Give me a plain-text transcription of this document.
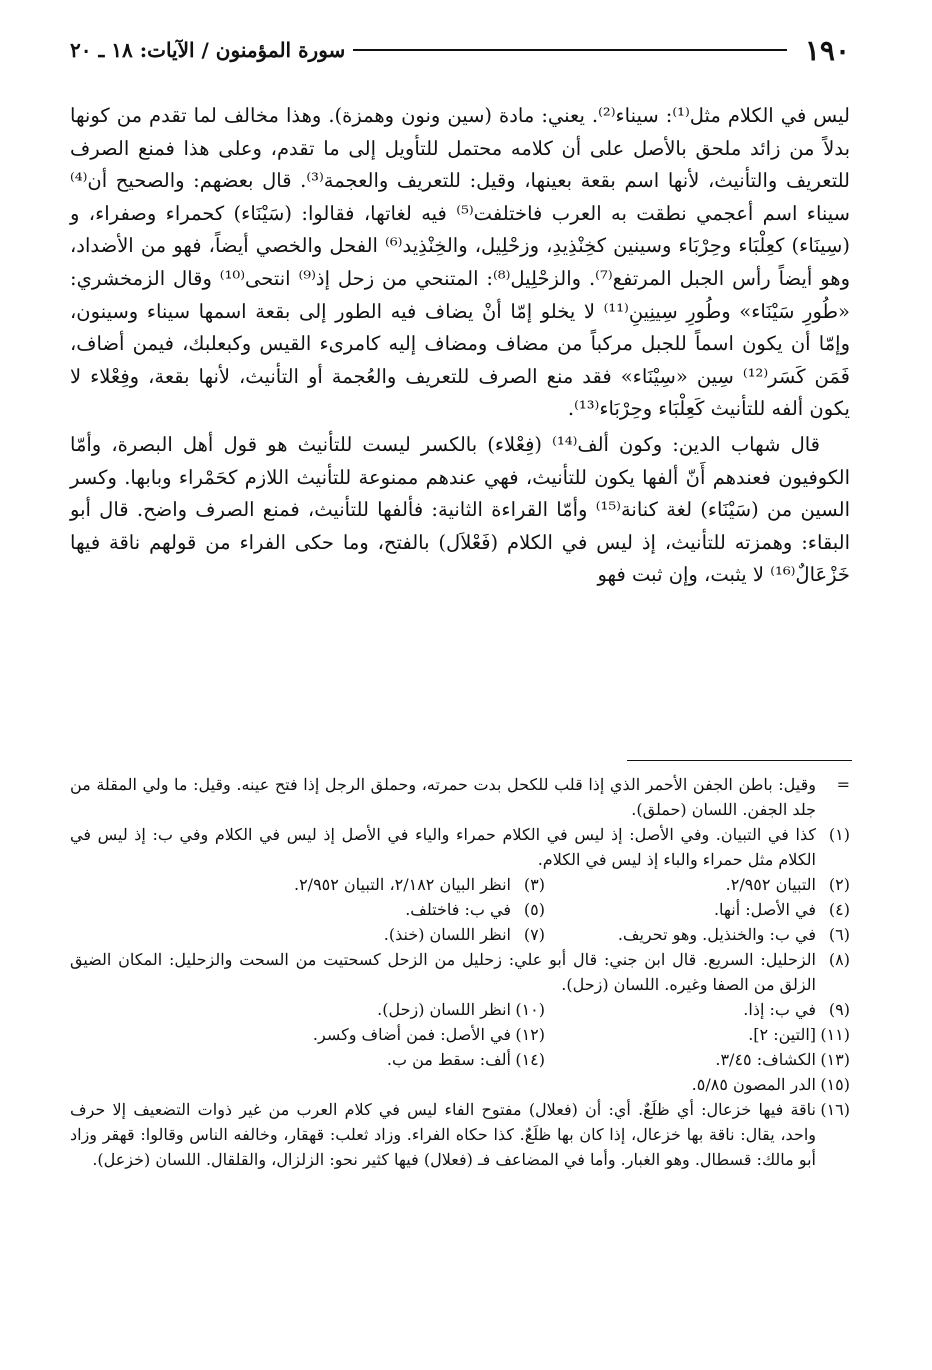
١٩٠
سورة المؤمنون / الآيات: ١٨ ـ ٢٠

ليس في الكلام مثل⁽¹⁾: سيناء⁽²⁾. يعني: مادة (سين ونون وهمزة). وهذا مخالف لما تقدم من كونها بدلاً من زائد ملحق بالأصل على أن كلامه محتمل للتأويل إلى ما تقدم، وعلى هذا فمنع الصرف للتعريف والتأنيث، لأنها اسم بقعة بعينها، وقيل: للتعريف والعجمة⁽³⁾. قال بعضهم: والصحيح أن⁽⁴⁾ سيناء اسم أعجمي نطقت به العرب فاختلفت⁽⁵⁾ فيه لغاتها، فقالوا: (سَيْنَاء) كحمراء وصفراء، و (سِينَاء) كعِلْبَاء وحِرْبَاء وسينين كخِنْذِيدِ، وزحْلِيل، والخِنْذِيد⁽⁶⁾ الفحل والخصي أيضاً، فهو من الأضداد، وهو أيضاً رأس الجبل المرتفع⁽⁷⁾. والزحْلِيل⁽⁸⁾: المتنحي من زحل إذ⁽⁹⁾ انتحى⁽¹⁰⁾ وقال الزمخشري: «طُورِ سَيْنَاء» وطُورِ سِينِينِ⁽¹¹⁾ لا يخلو إمّا أنْ يضاف فيه الطور إلى بقعة اسمها سيناء وسينون، وإمّا أن يكون اسماً للجبل مركباً من مضاف ومضاف إليه كامرىء القيس وكبعلبك، فيمن أضاف، فَمَن كَسَر⁽¹²⁾ سِين «سِيْنَاء» فقد منع الصرف للتعريف والعُجمة أو التأنيث، لأنها بقعة، وفِعْلاء لا يكون ألفه للتأنيث كَعِلْبَاء وحِرْبَاء⁽¹³⁾.

قال شهاب الدين: وكون ألف⁽¹⁴⁾ (فِعْلاء) بالكسر ليست للتأنيث هو قول أهل البصرة، وأمّا الكوفيون فعندهم أَنّ ألفها يكون للتأنيث، فهي عندهم ممنوعة للتأنيث اللازم كحَمْراء وبابها. وكسر السين من (سَيْنَاء) لغة كنانة⁽¹⁵⁾ وأمّا القراءة الثانية: فألفها للتأنيث، فمنع الصرف واضح. قال أبو البقاء: وهمزته للتأنيث، إذ ليس في الكلام (فَعْلاَل) بالفتح، وما حكى الفراء من قولهم ناقة فيها خَزْعَالٌ⁽¹⁶⁾ لا يثبت، وإن ثبت فهو

=
وقيل: باطن الجفن الأحمر الذي إذا قلب للكحل بدت حمرته، وحملق الرجل إذا فتح عينه. وقيل: ما ولي المقلة من جلد الجفن. اللسان (حملق).
(١)
كذا في التبيان. وفي الأصل: إذ ليس في الكلام حمراء والياء في الأصل إذ ليس في الكلام وفي ب: إذ ليس في الكلام مثل حمراء والباء إذ ليس في الكلام.
(٢)
التبيان ٢/٩٥٢.
(٣)
انظر البيان ٢/١٨٢، التبيان ٢/٩٥٢.
(٤)
في الأصل: أنها.
(٥)
في ب: فاختلف.
(٦)
في ب: والخنذيل. وهو تحريف.
(٧)
انظر اللسان (خنذ).
(٨)
الزحليل: السريع. قال ابن جني: قال أبو علي: زحليل من الزحل كسحتيت من السحت والزحليل: المكان الضيق الزلق من الصفا وغيره. اللسان (زحل).
(٩)
في ب: إذا.
(١٠)
انظر اللسان (زحل).
(١١)
[التين: ٢].
(١٢)
في الأصل: فمن أضاف وكسر.
(١٣)
الكشاف: ٣/٤٥.
(١٤)
ألف: سقط من ب.
(١٥)
الدر المصون ٥/٨٥.
(١٦)
ناقة فيها خزعال: أي ظلَعٌ. أي: أن (فعلال) مفتوح الفاء ليس في كلام العرب من غير ذوات التضعيف إلا حرف واحد، يقال: ناقة بها خزعال، إذا كان بها ظلَعٌ. كذا حكاه الفراء. وزاد ثعلب: قهقار، وخالفه الناس وقالوا: قهقر وزاد أبو مالك: قسطال. وهو الغبار. وأما في المضاعف فـ (فعلال) فيها كثير نحو: الزلزال، والقلقال. اللسان (خزعل).
